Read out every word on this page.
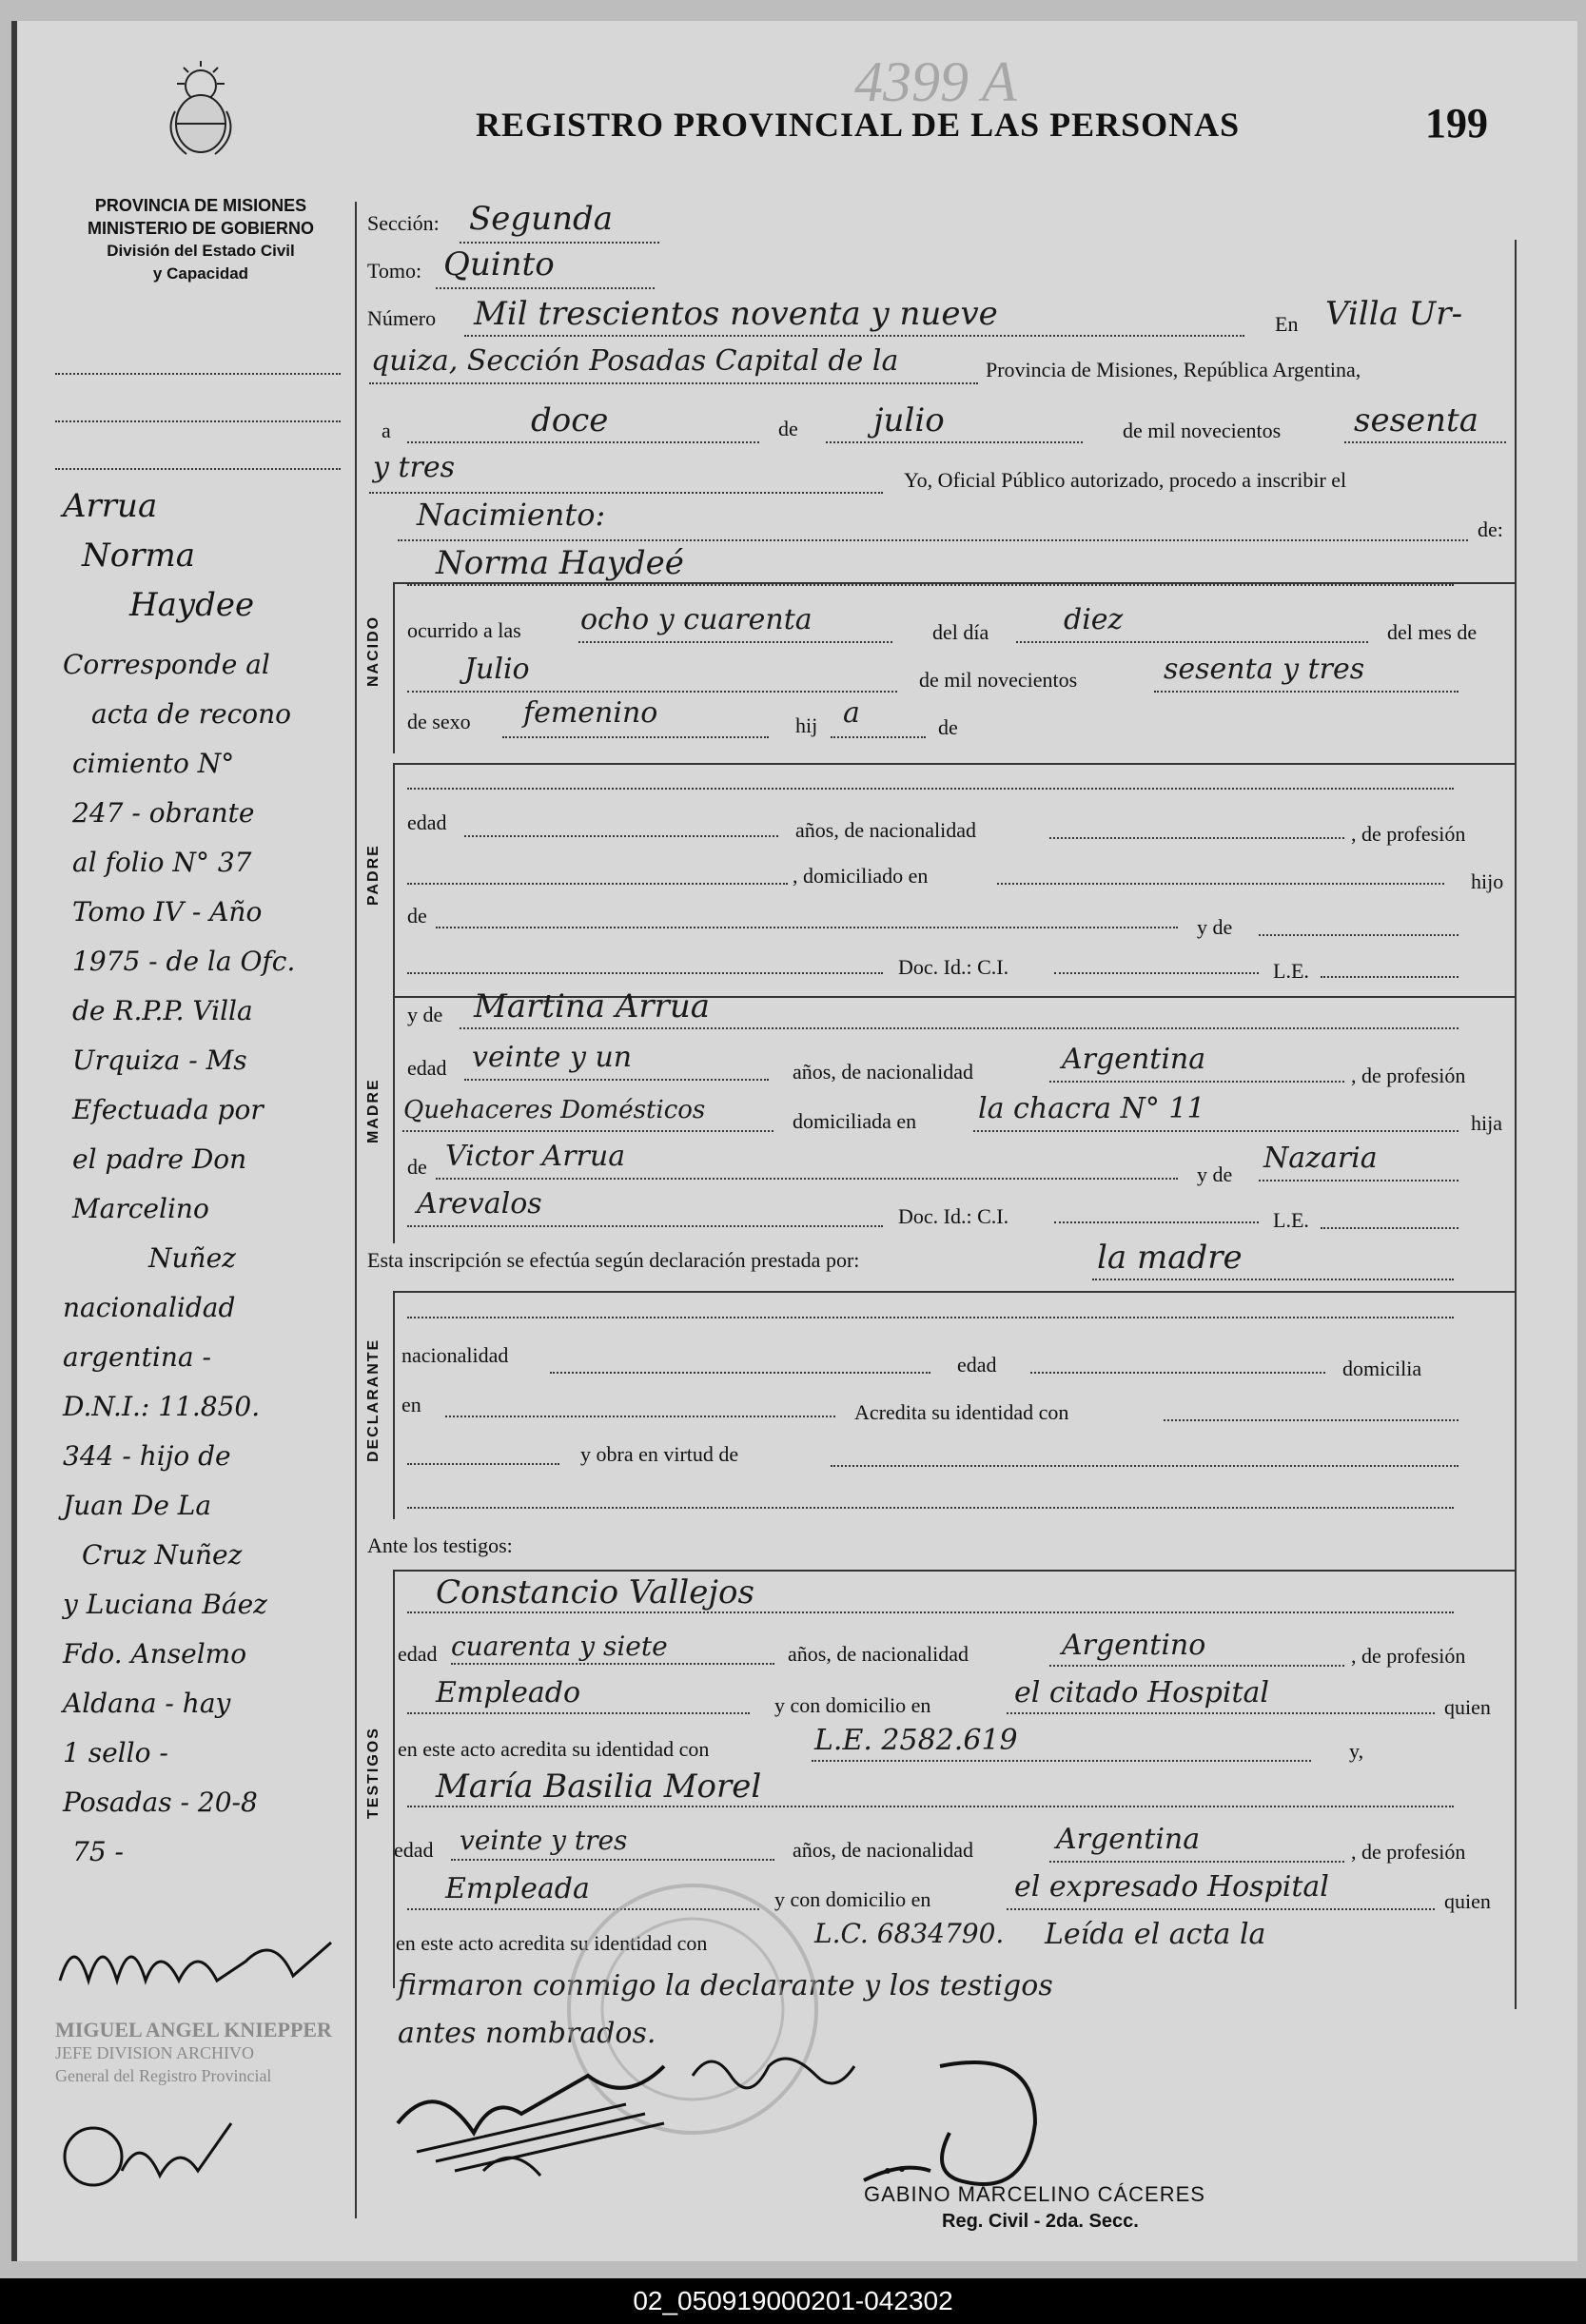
4399 A
REGISTRO PROVINCIAL DE LAS PERSONAS	199
PROVINCIA DE MISIONES
MINISTERIO DE GOBIERNO
División del Estado Civil
y Capacidad
Arrua
Norma
Haydee
Corresponde al
acta de recono
cimiento N°
247 - obrante
al folio N° 37
Tomo IV - Año
1975 - de la Ofc.
de R.P.P. Villa
Urquiza - Ms
Efectuada por
el padre Don
Marcelino
Nuñez
nacionalidad
argentina -
D.N.I.: 11.850.
344 - hijo de
Juan De La
Cruz Nuñez
y Luciana Báez
Fdo. Anselmo
Aldana - hay
1 sello -
Posadas - 20-8
75 -
MIGUEL ANGEL KNIEPPER
JEFE DIVISION ARCHIVO
General del Registro Provincial
Sección: Segunda
Tomo: Quinto
Número Mil trescientos noventa y nueve	En Villa Ur-
quiza, Sección Posadas Capital de la	Provincia de Misiones, República Argentina,
a	doce	de julio	de mil novecientos sesenta
y tres	Yo, Oficial Público autorizado, procedo a inscribir el
Nacimiento:	de:
NACIDO
Norma Haydeé
ocurrido a las ocho y cuarenta	del día	diez	del mes de
Julio	de mil novecientos	sesenta y tres
de sexo femenino	hij a	de
PADRE
edad	años, de nacionalidad	, de profesión
, domiciliado en	hijo
de	y de
Doc. Id.: C.I.	L.E.
MADRE
y de Martina Arrua
edad veinte y un	años, de nacionalidad	Argentina	, de profesión
Quehaceres Domésticos	domiciliada en la chacra N° 11	hija
de Victor Arrua
y de Nazaria
Arevalos	Doc. Id.: C.I.	L.E.
Esta inscripción se efectúa según declaración prestada por:	la madre
DECLARANTE nacionalidad	edad	domicilia
en	Acredita su identidad con
y obra en virtud de
Ante los testigos:
TESTIGOS
Constancio Vallejos
edad cuarenta y siete	años, de nacionalidad	Argentino	, de profesión
Empleado	y con domicilio en	el citado Hospital	quien
en este acto acredita su identidad con	L.E. 2582.619	y,
María Basilia Morel
edad veinte y tres	años, de nacionalidad	Argentina	, de profesión
Empleada	y con domicilio en	el expresado Hospital	quien
en este acto acredita su identidad con	L.C. 6834790. Leída el acta la
firmaron conmigo la declarante y los testigos
antes nombrados.
GABINO MARCELINO CÁCERES
Reg. Civil - 2da. Secc.
02_050919000201-042302
